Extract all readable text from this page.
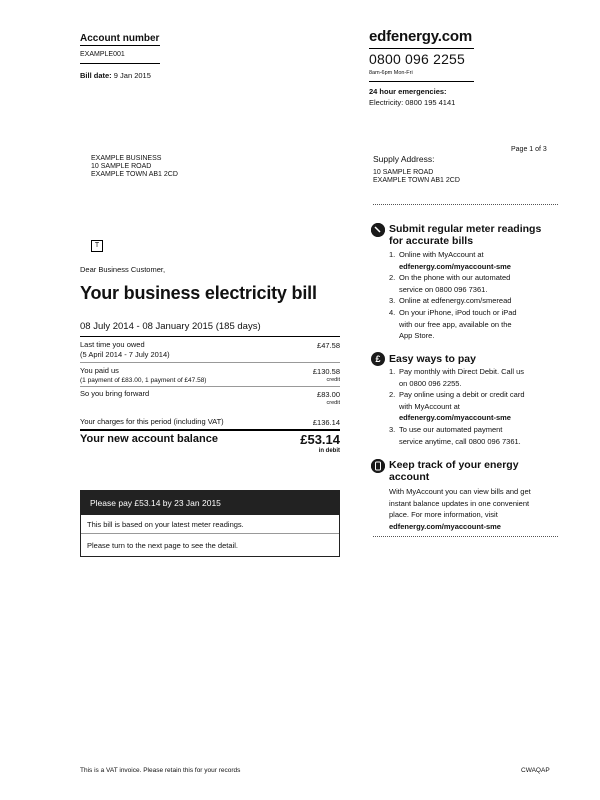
Account number
EXAMPLE001
Bill date: 9 Jan 2015
edfenergy.com
0800 096 2255
8am-6pm Mon-Fri
24 hour emergencies:
Electricity: 0800 195 4141
EXAMPLE BUSINESS
10 SAMPLE ROAD
EXAMPLE TOWN AB1 2CD
Page 1 of 3
Supply Address:
10 SAMPLE ROAD
EXAMPLE TOWN AB1 2CD
T
Dear Business Customer,
Your business electricity bill
08 July 2014 - 08 January 2015 (185 days)
Last time you owed
(5 April 2014 - 7 July 2014)
£47.58
You paid us
(1 payment of £83.00, 1 payment of £47.58)
£130.58
credit
So you bring forward	£83.00
credit
Your charges for this period (including VAT)	£136.14
Your new account balance	£53.14
in debit
Please pay £53.14 by 23 Jan 2015
This bill is based on your latest meter readings.
Please turn to the next page to see the detail.
Submit regular meter readings
for accurate bills
1. Online with MyAccount at
edfenergy.com/myaccount-sme
2. On the phone with our automated
service on 0800 096 7361.
3. Online at edfenergy.com/smeread
4. On your iPhone, iPod touch or iPad
with our free app, available on the
App Store.
£ Easy ways to pay
1. Pay monthly with Direct Debit. Call us
on 0800 096 2255.
2. Pay online using a debit or credit card
with MyAccount at
edfenergy.com/myaccount-sme
3. To use our automated payment
service anytime, call 0800 096 7361.
Keep track of your energy
account
With MyAccount you can view bills and get
instant balance updates in one convenient
place. For more information, visit
edfenergy.com/myaccount-sme
This is a VAT invoice. Please retain this for your records	CWAQAP
